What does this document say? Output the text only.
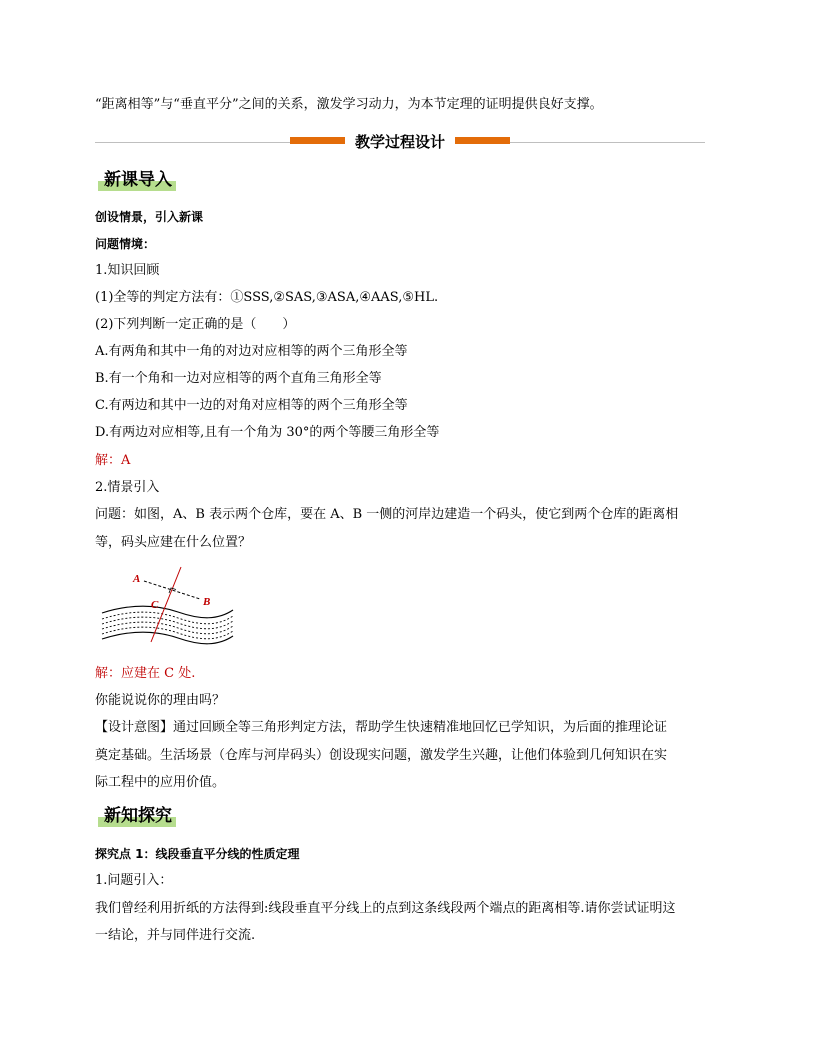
“距离相等”与“垂直平分”之间的关系，激发学习动力，为本节定理的证明提供良好支撑。
教学过程设计
新课导入
创设情景，引入新课
问题情境：
1.知识回顾
(1)全等的判定方法有：①SSS,②SAS,③ASA,④AAS,⑤HL.
(2)下列判断一定正确的是（　　）
A.有两角和其中一角的对边对应相等的两个三角形全等
B.有一个角和一边对应相等的两个直角三角形全等
C.有两边和其中一边的对角对应相等的两个三角形全等
D.有两边对应相等,且有一个角为 30°的两个等腰三角形全等
解：A
2.情景引入
问题：如图，A、B 表示两个仓库，要在 A、B 一侧的河岸边建造一个码头，使它到两个仓库的距离相
等，码头应建在什么位置？
A
B
C
解：应建在 C 处.
你能说说你的理由吗？
【设计意图】通过回顾全等三角形判定方法，帮助学生快速精准地回忆已学知识，为后面的推理论证
奠定基础。生活场景（仓库与河岸码头）创设现实问题，激发学生兴趣，让他们体验到几何知识在实
际工程中的应用价值。
新知探究
探究点 1：线段垂直平分线的性质定理
1.问题引入：
我们曾经利用折纸的方法得到:线段垂直平分线上的点到这条线段两个端点的距离相等.请你尝试证明这
一结论，并与同伴进行交流.
